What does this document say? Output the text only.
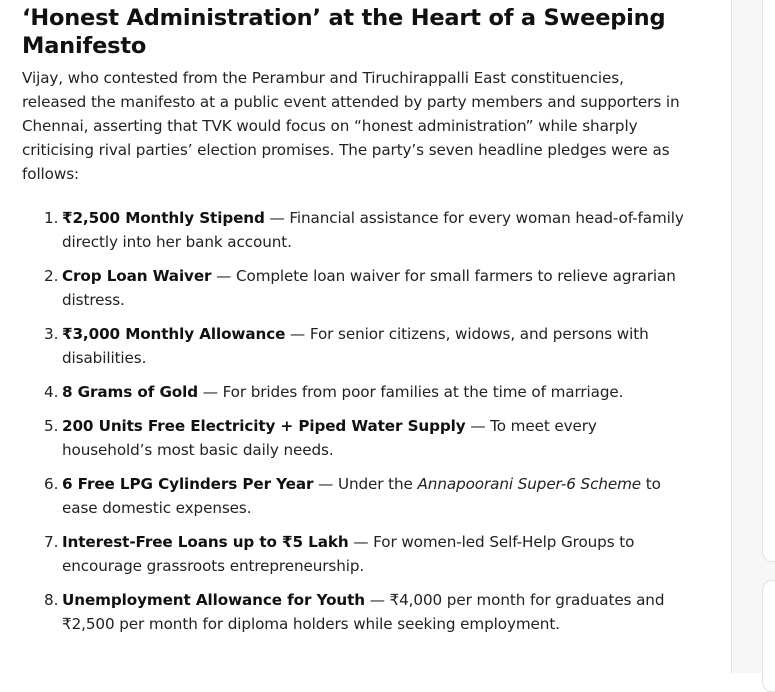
‘Honest Administration’ at the Heart of a Sweeping Manifesto

Vijay, who contested from the Perambur and Tiruchirappalli East constituencies, released the manifesto at a public event attended by party members and supporters in Chennai, asserting that TVK would focus on “honest administration” while sharply criticising rival parties’ election promises. The party’s seven headline pledges were as follows:

1. ₹2,500 Monthly Stipend — Financial assistance for every woman head-of-family directly into her bank account.
2. Crop Loan Waiver — Complete loan waiver for small farmers to relieve agrarian distress.
3. ₹3,000 Monthly Allowance — For senior citizens, widows, and persons with disabilities.
4. 8 Grams of Gold — For brides from poor families at the time of marriage.
5. 200 Units Free Electricity + Piped Water Supply — To meet every household’s most basic daily needs.
6. 6 Free LPG Cylinders Per Year — Under the Annapoorani Super-6 Scheme to ease domestic expenses.
7. Interest-Free Loans up to ₹5 Lakh — For women-led Self-Help Groups to encourage grassroots entrepreneurship.
8. Unemployment Allowance for Youth — ₹4,000 per month for graduates and ₹2,500 per month for diploma holders while seeking employment.
